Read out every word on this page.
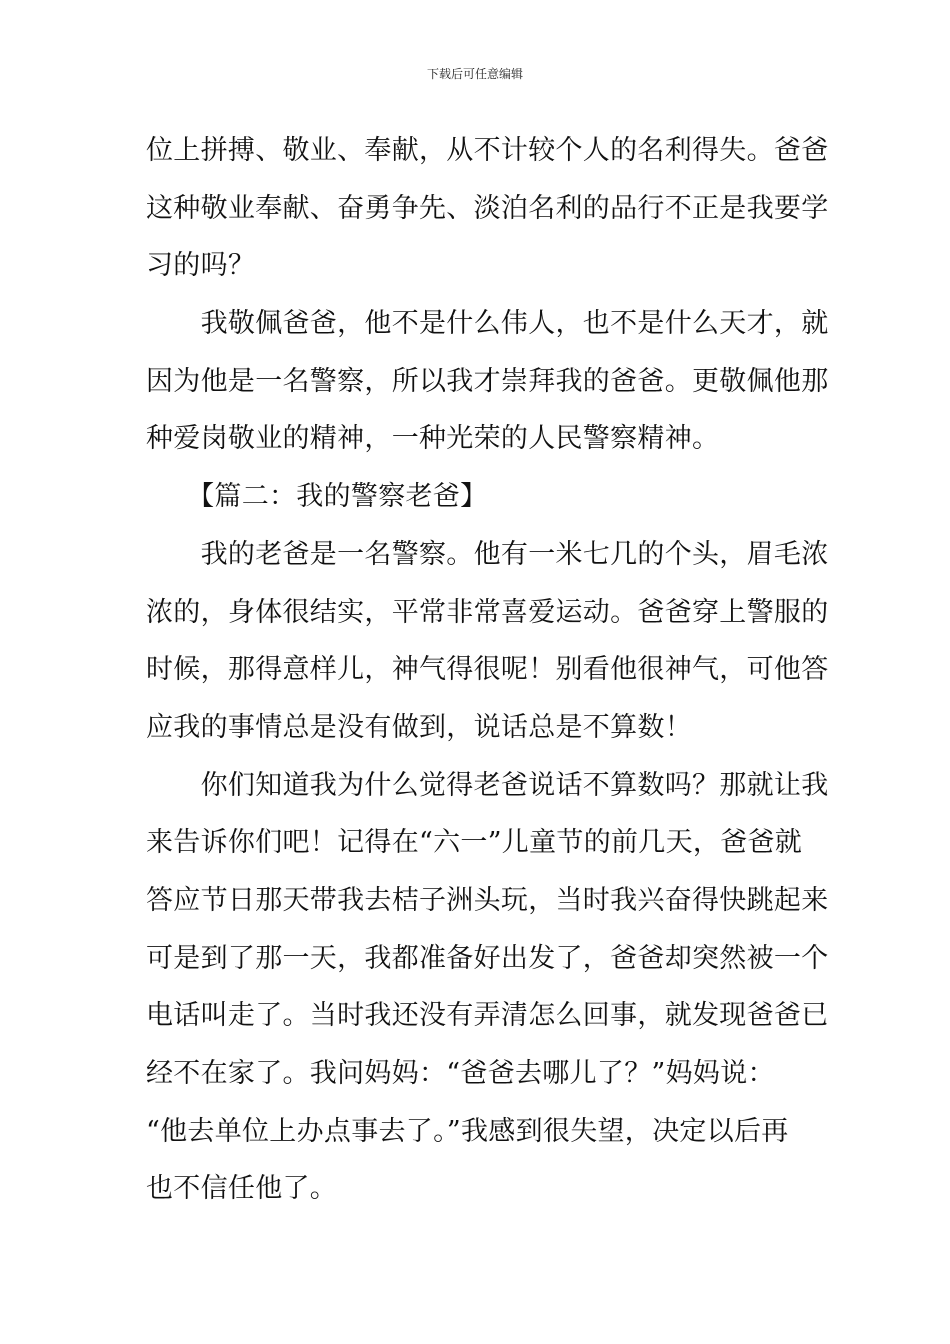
下载后可任意编辑
位上拼搏、敬业、奉献，从不计较个人的名利得失。爸爸
这种敬业奉献、奋勇争先、淡泊名利的品行不正是我要学
习的吗？
　　我敬佩爸爸，他不是什么伟人，也不是什么天才，就
因为他是一名警察，所以我才崇拜我的爸爸。更敬佩他那
种爱岗敬业的精神，一种光荣的人民警察精神。
　　【篇二：我的警察老爸】
　　我的老爸是一名警察。他有一米七几的个头，眉毛浓
浓的，身体很结实，平常非常喜爱运动。爸爸穿上警服的
时候，那得意样儿，神气得很呢！别看他很神气，可他答
应我的事情总是没有做到，说话总是不算数！
　　你们知道我为什么觉得老爸说话不算数吗？那就让我
来告诉你们吧！记得在“六一”儿童节的前几天，爸爸就
答应节日那天带我去桔子洲头玩，当时我兴奋得快跳起来
可是到了那一天，我都准备好出发了，爸爸却突然被一个
电话叫走了。当时我还没有弄清怎么回事，就发现爸爸已
经不在家了。我问妈妈：“爸爸去哪儿了？”妈妈说：
“他去单位上办点事去了。”我感到很失望，决定以后再
也不信任他了。
